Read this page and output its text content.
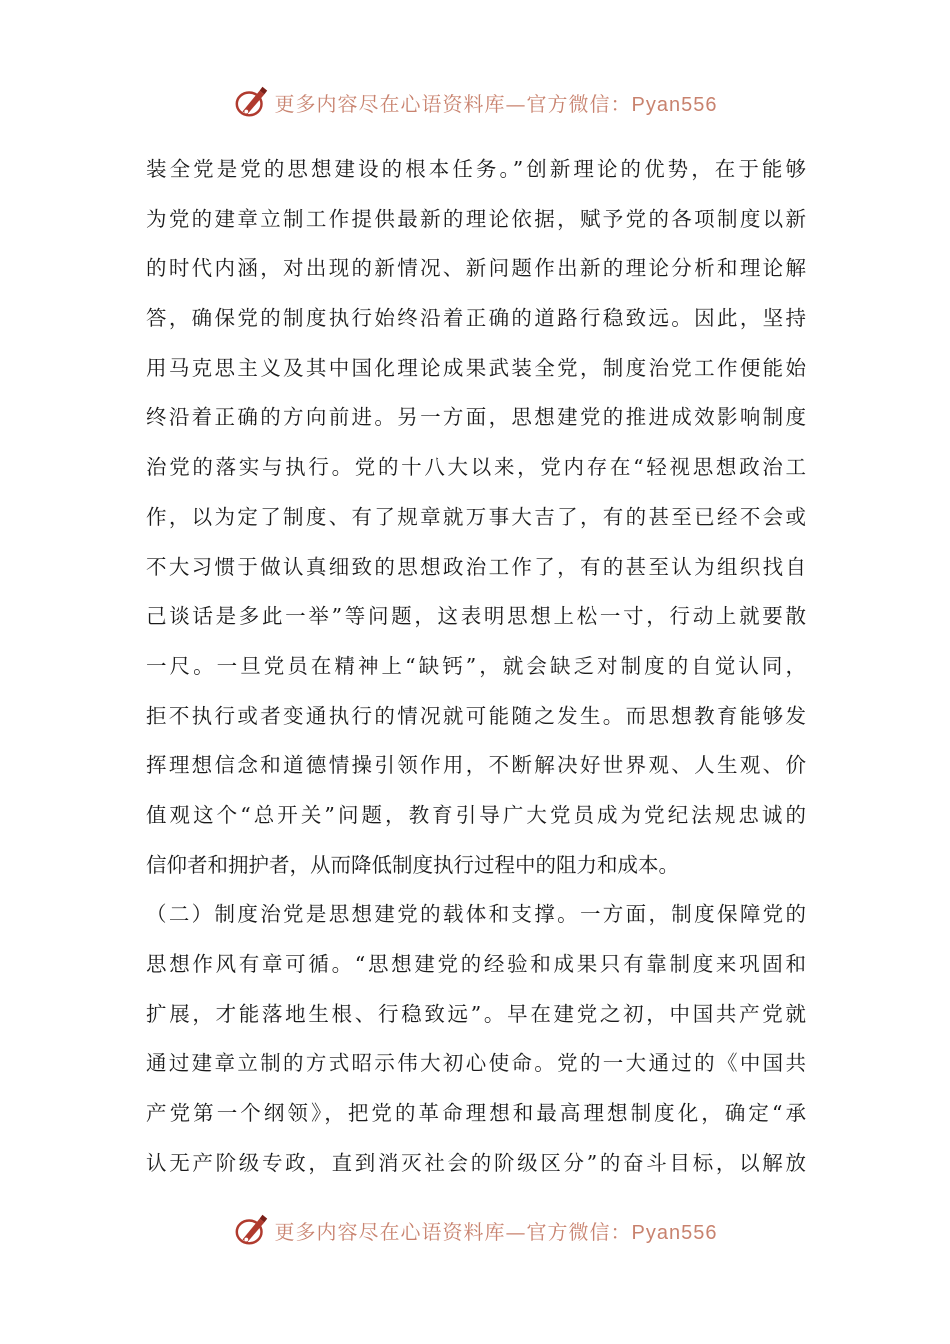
更多内容尽在心语资料库—官方微信：Pyan556
装全党是党的思想建设的根本任务。”创新理论的优势，在于能够
为党的建章立制工作提供最新的理论依据，赋予党的各项制度以新
的时代内涵，对出现的新情况、新问题作出新的理论分析和理论解
答，确保党的制度执行始终沿着正确的道路行稳致远。因此，坚持
用马克思主义及其中国化理论成果武装全党，制度治党工作便能始
终沿着正确的方向前进。另一方面，思想建党的推进成效影响制度
治党的落实与执行。党的十八大以来，党内存在“轻视思想政治工
作，以为定了制度、有了规章就万事大吉了，有的甚至已经不会或
不大习惯于做认真细致的思想政治工作了，有的甚至认为组织找自
己谈话是多此一举”等问题，这表明思想上松一寸，行动上就要散
一尺。一旦党员在精神上“缺钙”，就会缺乏对制度的自觉认同，
拒不执行或者变通执行的情况就可能随之发生。而思想教育能够发
挥理想信念和道德情操引领作用，不断解决好世界观、人生观、价
值观这个“总开关”问题，教育引导广大党员成为党纪法规忠诚的
信仰者和拥护者，从而降低制度执行过程中的阻力和成本。
（二）制度治党是思想建党的载体和支撑。一方面，制度保障党的
思想作风有章可循。“思想建党的经验和成果只有靠制度来巩固和
扩展，才能落地生根、行稳致远”。早在建党之初，中国共产党就
通过建章立制的方式昭示伟大初心使命。党的一大通过的《中国共
产党第一个纲领》，把党的革命理想和最高理想制度化，确定“承
认无产阶级专政，直到消灭社会的阶级区分”的奋斗目标，以解放
更多内容尽在心语资料库—官方微信：Pyan556
